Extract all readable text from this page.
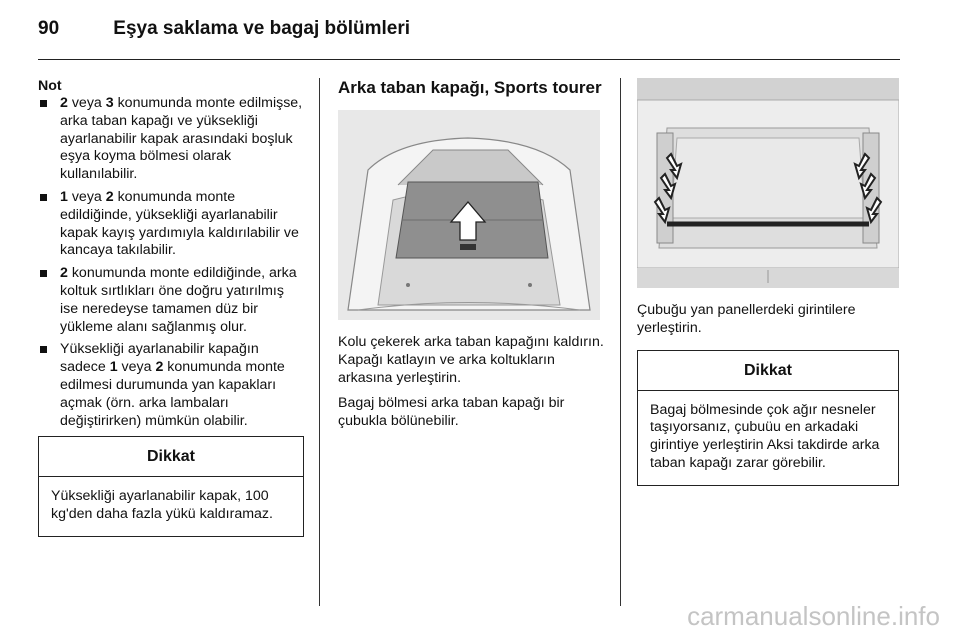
90	Eşya saklama ve bagaj bölümleri
Not
2 veya 3 konumunda monte edilmişse, arka taban kapağı ve yüksekliği ayarlanabilir kapak arasındaki boşluk eşya koyma bölmesi olarak kullanılabilir.
1 veya 2 konumunda monte edildiğinde, yüksekliği ayarlanabilir kapak kayış yardımıyla kaldırılabilir ve kancaya takılabilir.
2 konumunda monte edildiğinde, arka koltuk sırtlıkları öne doğru yatırılmış ise neredeyse tamamen düz bir yükleme alanı sağlanmış olur.
Yüksekliği ayarlanabilir kapağın sadece 1 veya 2 konumunda monte edilmesi durumunda yan kapakları açmak (örn. arka lambaları değiştirirken) mümkün olabilir.
Dikkat
Yüksekliği ayarlanabilir kapak, 100 kg'den daha fazla yükü kaldıramaz.
Arka taban kapağı, Sports tourer

Kolu çekerek arka taban kapağını kaldırın. Kapağı katlayın ve arka koltukların arkasına yerleştirin.

Bagaj bölmesi arka taban kapağı bir çubukla bölünebilir.

Çubuğu yan panellerdeki girintilere yerleştirin.

Dikkat
Bagaj bölmesinde çok ağır nesneler taşıyorsanız, çubuüu en arkadaki girintiye yerleştirin Aksi takdirde arka taban kapağı zarar görebilir.
carmanualsonline.info
